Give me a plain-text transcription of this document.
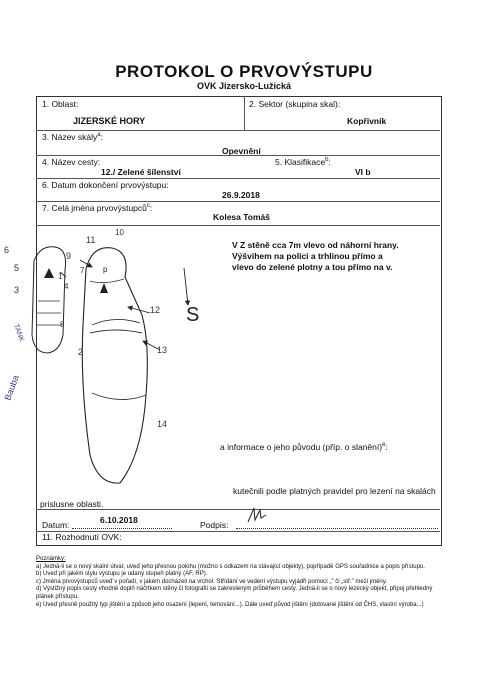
PROTOKOL O PRVOVÝSTUPU
OVK Jizersko-Lužická
1. Oblast:
JIZERSKÉ HORY
2. Sektor (skupina skal):
Kopřivník
3. Název skály$^a$:
Opevnění
4. Název cesty:
12./ Zelené šílenství
5. Klasifikace$^b$:
VI b
6. Datum dokončení prvovýstupu:
26.9.2018
7. Celá jména prvovýstupců$^c$:
Kolesa Tomáš
V Z stěně cca 7m vlevo od náhorní hrany.
Výšvihem na polici a trhlinou přímo a
vlevo do zelené plotny a tou přímo na v.
p
6
9
5
1
3	4
8
11
10
7
12
2	13
14
S
TANK
Bauba
a informace o jeho původu (příp. o slanění)$^e$:
kutečnili podle platných pravidel pro lezení na skalách
prislusne oblasti.
Datum:	6.10.2018	Podpis:
11. Rozhodnutí OVK:

Poznámky:

a) Jedná-li se o nový skalní útvar, uveď jeho přesnou polohu (možno s odkazem na stávající objekty), popřípadě GPS souřadnice a popis přístupu.

b) Uveď při jakém stylu výstupu je udaný stupeň platný (AF, RP).

c) Jména prvovýstupců uveď v pořadí, v jakém docházeli na vrchol. Střídání ve vedení výstupu vyjádři pomocí „" či „stř." mezi jmény.

d) Výstižný popis cesty vhodně doplň náčrtkem stěny či fotografií se zakresleným průběhem cesty. Jedná-li se o nový lezecký objekt, připoj přehledný plánek přístupu.

e) Uveď přesně použitý typ jištění a způsob jeho osazení (lepení, temování...). Dále uveď původ jištění (dotované jištění od ČHS, vlastní výroba...)
